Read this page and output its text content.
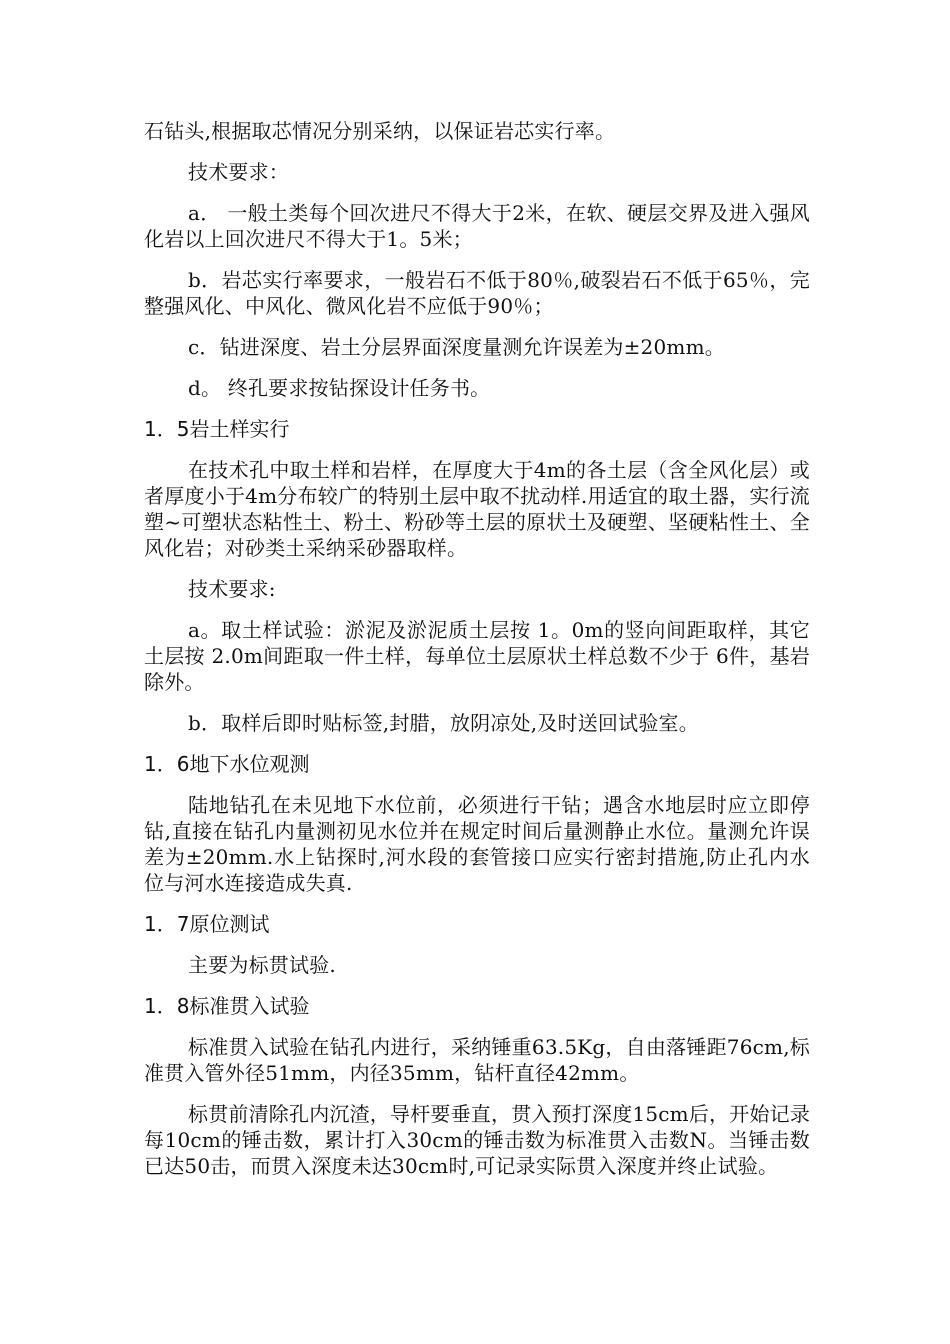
石钻头,根据取芯情况分别采纳，以保证岩芯实行率。
技术要求：
a． 一般土类每个回次进尺不得大于2米，在软、硬层交界及进入强风化岩以上回次进尺不得大于1。5米；
b．岩芯实行率要求，一般岩石不低于80％,破裂岩石不低于65％，完整强风化、中风化、微风化岩不应低于90％；
c．钻进深度、岩土分层界面深度量测允许误差为±20mm。
d。 终孔要求按钻探设计任务书。
1．5岩土样实行
在技术孔中取土样和岩样，在厚度大于4m的各土层（含全风化层）或者厚度小于4m分布较广的特别土层中取不扰动样.用适宜的取土器，实行流塑~可塑状态粘性土、粉土、粉砂等土层的原状土及硬塑、坚硬粘性土、全风化岩；对砂类土采纳采砂器取样。
技术要求:
a。取土样试验：淤泥及淤泥质土层按 1。0m的竖向间距取样，其它土层按 2.0m间距取一件土样，每单位土层原状土样总数不少于 6件，基岩除外。
b．取样后即时贴标签,封腊，放阴凉处,及时送回试验室。
1．6地下水位观测
陆地钻孔在未见地下水位前，必须进行干钻；遇含水地层时应立即停钻,直接在钻孔内量测初见水位并在规定时间后量测静止水位。量测允许误差为±20mm.水上钻探时,河水段的套管接口应实行密封措施,防止孔内水位与河水连接造成失真.
1．7原位测试
主要为标贯试验.
1．8标准贯入试验
标准贯入试验在钻孔内进行，采纳锤重63.5Kg，自由落锤距76cm,标准贯入管外径51mm，内径35mm，钻杆直径42mm。
标贯前清除孔内沉渣，导杆要垂直，贯入预打深度15cm后，开始记录每10cm的锤击数，累计打入30cm的锤击数为标准贯入击数N。当锤击数已达50击，而贯入深度未达30cm时,可记录实际贯入深度并终止试验。
